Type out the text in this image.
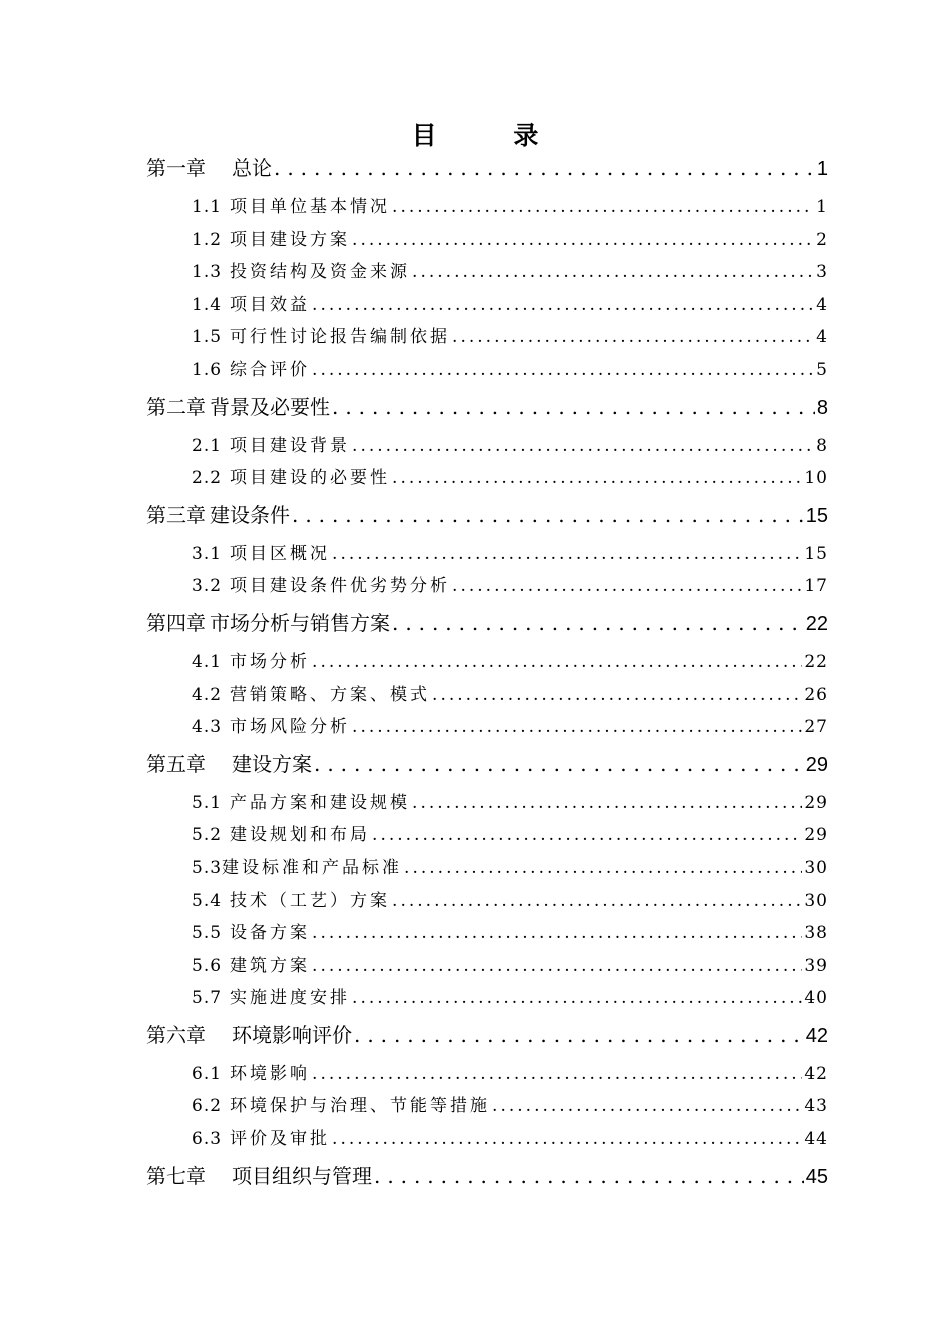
目 录
第一章 总论 . . .	1
1.1 项目单位基本情况 . . .	1
1.2 项目建设方案 . . .	2
1.3 投资结构及资金来源 . . .	3
1.4 项目效益 . . .	4
1.5 可行性讨论报告编制依据 . . .	4
1.6 综合评价 . . .	5
第二章 背景及必要性 . . .	8
2.1 项目建设背景 . . .	8
2.2 项目建设的必要性 . . .	10
第三章 建设条件 . . .	15
3.1 项目区概况 . . .	15
3.2 项目建设条件优劣势分析 . . .	17
第四章 市场分析与销售方案 . . .	22
4.1 市场分析 . . .	22
4.2 营销策略、方案、模式 . . .	26
4.3 市场风险分析 . . .	27
第五章 建设方案 . . .	29
5.1 产品方案和建设规模 . . .	29
5.2 建设规划和布局 . . .	29
5.3 建设标准和产品标准 . . .	30
5.4 技术（工艺）方案 . . .	30
5.5 设备方案 . . .	38
5.6 建筑方案 . . .	39
5.7 实施进度安排 . . .	40
第六章 环境影响评价 . . .	42
6.1 环境影响 . . .	42
6.2 环境保护与治理、节能等措施 . . .	43
6.3 评价及审批 . . .	44
第七章 项目组织与管理 . . .	45
